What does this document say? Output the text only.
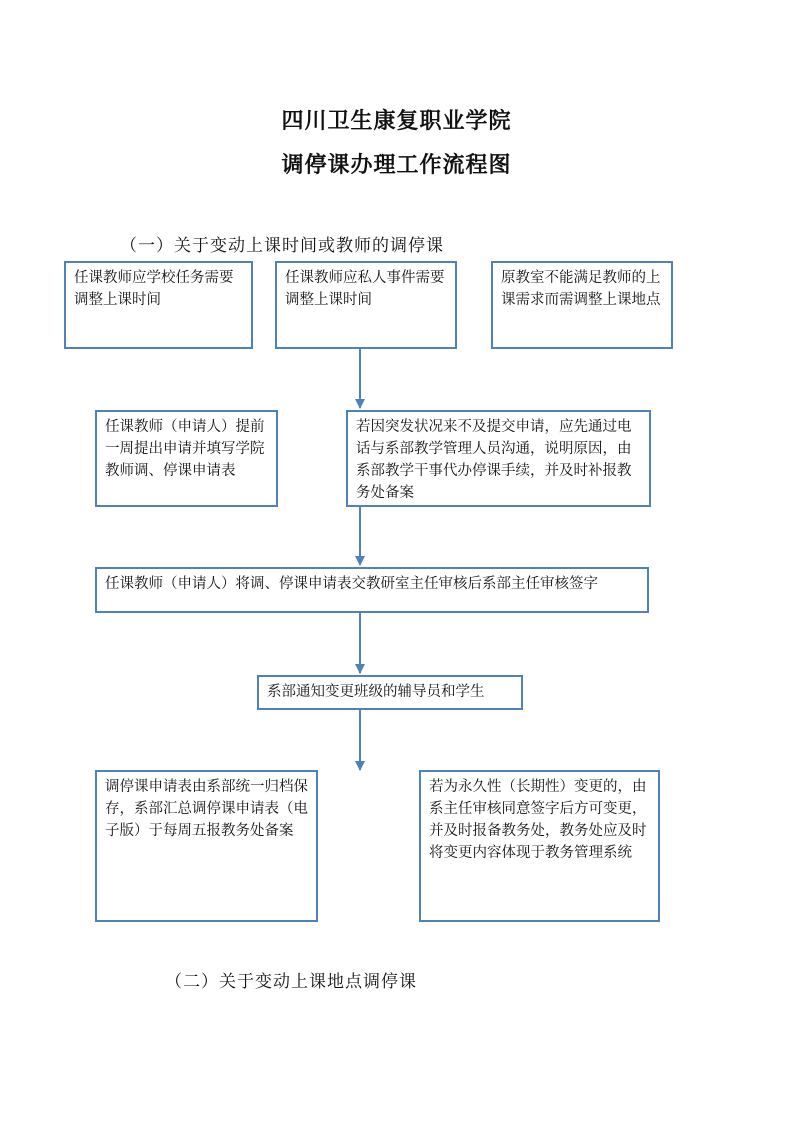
四川卫生康复职业学院
调停课办理工作流程图
（一）关于变动上课时间或教师的调停课
任课教师应学校任务需要调整上课时间
任课教师应私人事件需要调整上课时间
原教室不能满足教师的上课需求而需调整上课地点
任课教师（申请人）提前一周提出申请并填写学院教师调、停课申请表
若因突发状况来不及提交申请，应先通过电话与系部教学管理人员沟通，说明原因，由系部教学干事代办停课手续，并及时补报教务处备案
任课教师（申请人）将调、停课申请表交教研室主任审核后系部主任审核签字
系部通知变更班级的辅导员和学生
调停课申请表由系部统一归档保存，系部汇总调停课申请表（电子版）于每周五报教务处备案
若为永久性（长期性）变更的，由系主任审核同意签字后方可变更，并及时报备教务处，教务处应及时将变更内容体现于教务管理系统
（二）关于变动上课地点调停课
